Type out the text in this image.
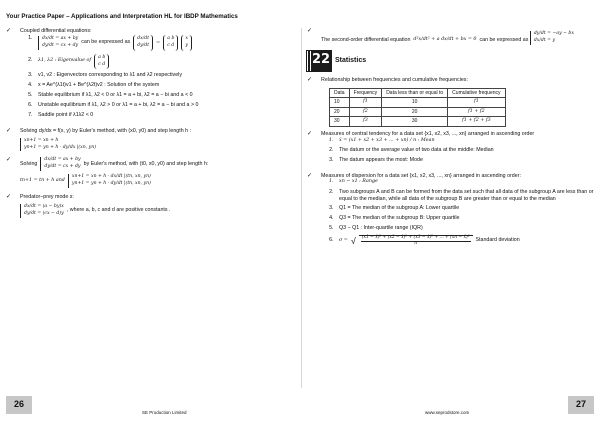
Your Practice Paper – Applications and Interpretation HL for IBDP Mathematics
✓	Coupled differential equations:
1. dx/dt = ax + by
dy/dt = cx + dy can be expressed as
dx/dt
dy/dt =
a b
c d
x
y
2. λ1, λ2 : Eigenvalue of
a b
c d
3. v1, v2 : Eigenvectors corresponding to λ1 and λ2 respectively
4. x = Ae^(λ1t)v1 + Be^(λ2t)v2 : Solution of the system
5. Stable equilibrium if λ1, λ2 < 0 or λ1 = a + bi, λ2 = a − bi and a < 0
6. Unstable equilibrium if λ1, λ2 > 0 or λ1 = a + bi, λ2 = a − bi and a > 0
7. Saddle point if λ1λ2 < 0
✓	Solving dy/dx = f(x, y) by Euler's method, with (x0, y0) and step length h :
xn+1 = xn + h
yn+1 = yn + h · dy/dx |(xn, yn)
✓
Solving
dx/dt = ax + by
dy/dt = cx + dy by Euler's method, with (t0, x0, y0) and step length h:

tn+1 = tn + h and
xn+1 = xn + h · dx/dt |(tn, xn, yn)
yn+1 = yn + h · dy/dt |(tn, xn, yn)
✓	Predator–prey mode s:
dx/dt = (a − by)x
dy/dt = (cx − d)y , where a, b, c and d are positive constants .
✓
The second-order differential equation d²x/dt² + a dx/dt + bx = 0 can be expressed as

dy/dt = −ay − bx
dx/dt = y
22 Statistics
✓	Relationship between frequencies and cumulative frequencies:
Data	Frequency	Data less than or equal to	Cumulative frequency
10	f1	10	f1
20	f2	20	f1 + f2
30	f3	30	f1 + f2 + f3
✓	Measures of central tendency for a data set {x1, x2, x3, ..., xn} arranged in ascending order
1. x̄ = (x1 + x2 + x3 + ... + xn) / n : Mean
2. The datum or the average value of two data at the middle: Median
3. The datum appears the most: Mode
✓	Measures of dispersion for a data set {x1, x2, x3, ..., xn} arranged in ascending order:
1. xn − x1 : Range
2. Two subgroups A and B can be formed from the data set such that all data of the subgroup A are less than or equal to the median, while all data of the subgroup B are greater than or equal to the median
3. Q1 = The median of the subgroup A: Lower quartile
4. Q3 = The median of the subgroup B: Upper quartile
5. Q3 − Q1 : Inter-quartile range (IQR)
6. σ = √ $\frac{\text{(x1 − x̄)² + (x2 − x̄)² + (x3 − x̄)² + ... + (xn − x̄)²}}{n}$ Standard deviation
26	27
SE Production Limited	www.seprodstore.com
